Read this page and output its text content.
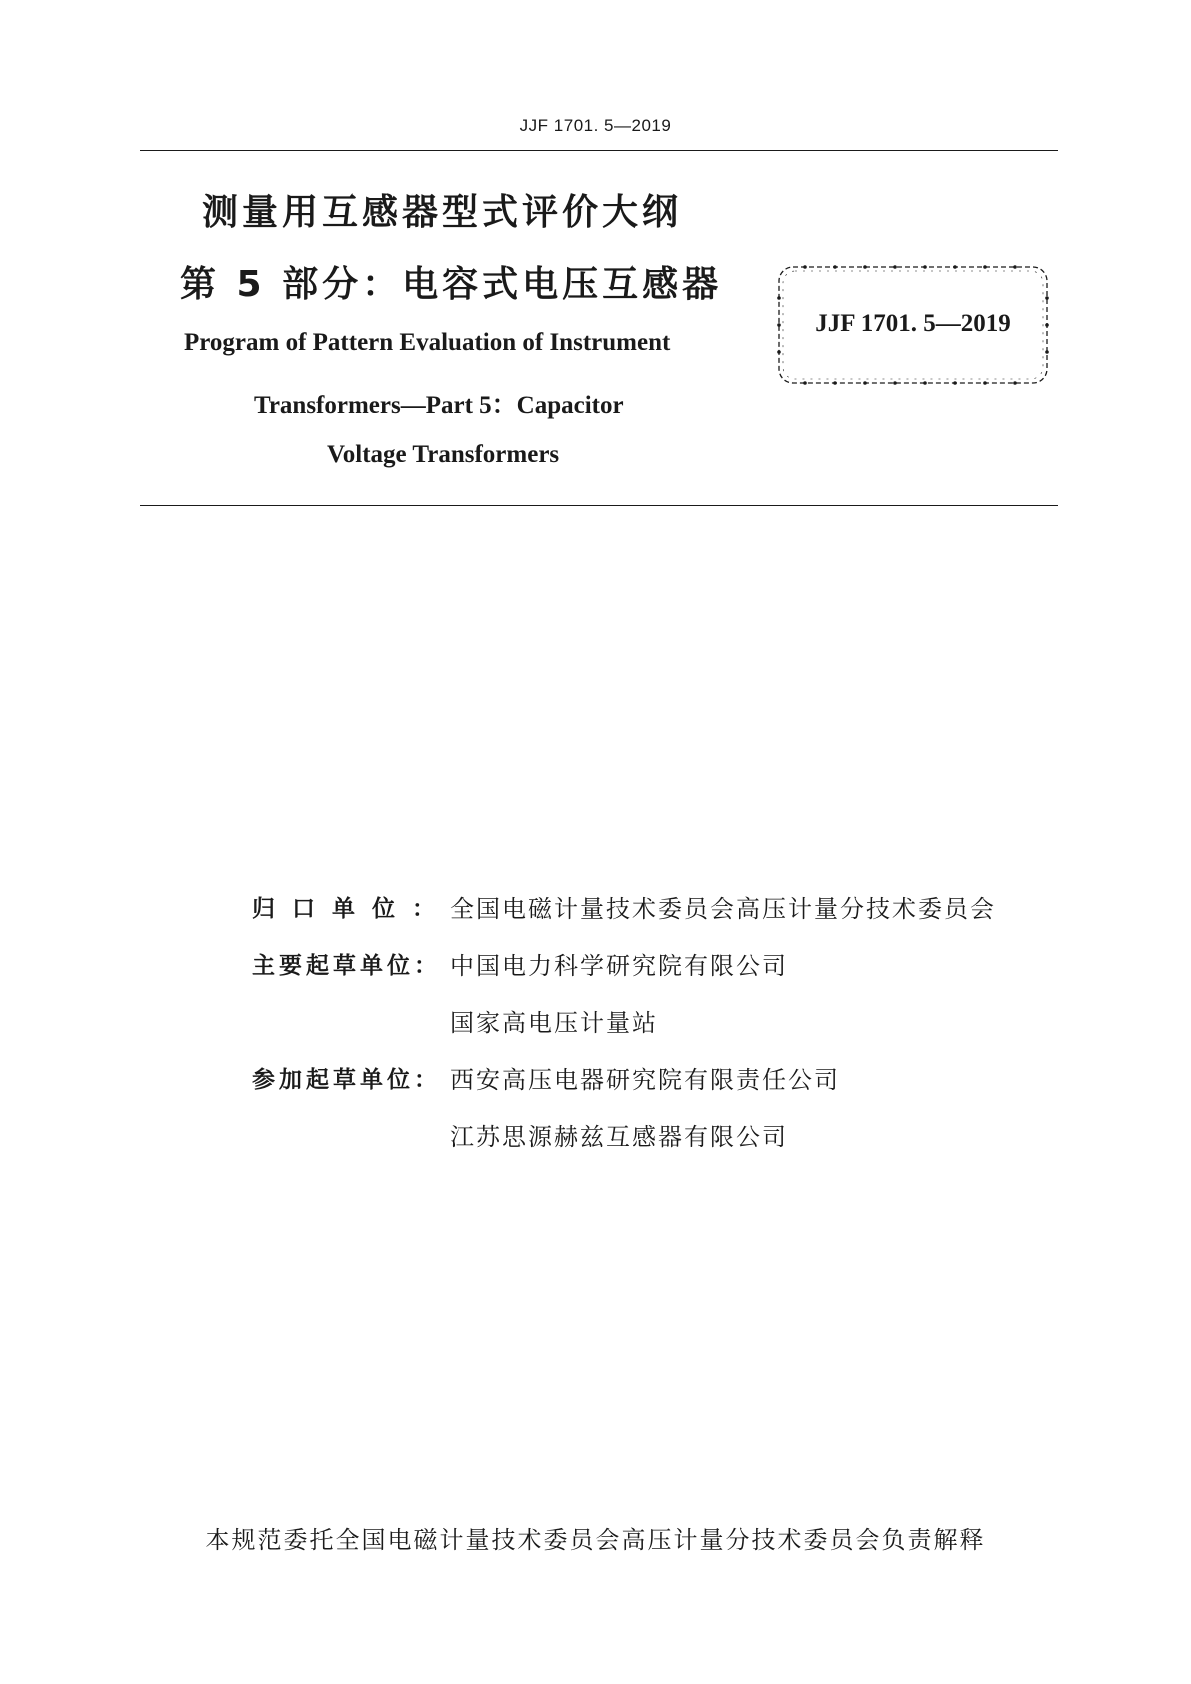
JJF 1701. 5—2019
测量用互感器型式评价大纲
第 5 部分：电容式电压互感器
Program of Pattern Evaluation of Instrument
Transformers—Part 5：Capacitor
Voltage Transformers
JJF 1701. 5—2019
归口单位：
全国电磁计量技术委员会高压计量分技术委员会
主要起草单位： 中国电力科学研究院有限公司
国家高电压计量站
参加起草单位： 西安高压电器研究院有限责任公司
江苏思源赫兹互感器有限公司
本规范委托全国电磁计量技术委员会高压计量分技术委员会负责解释
